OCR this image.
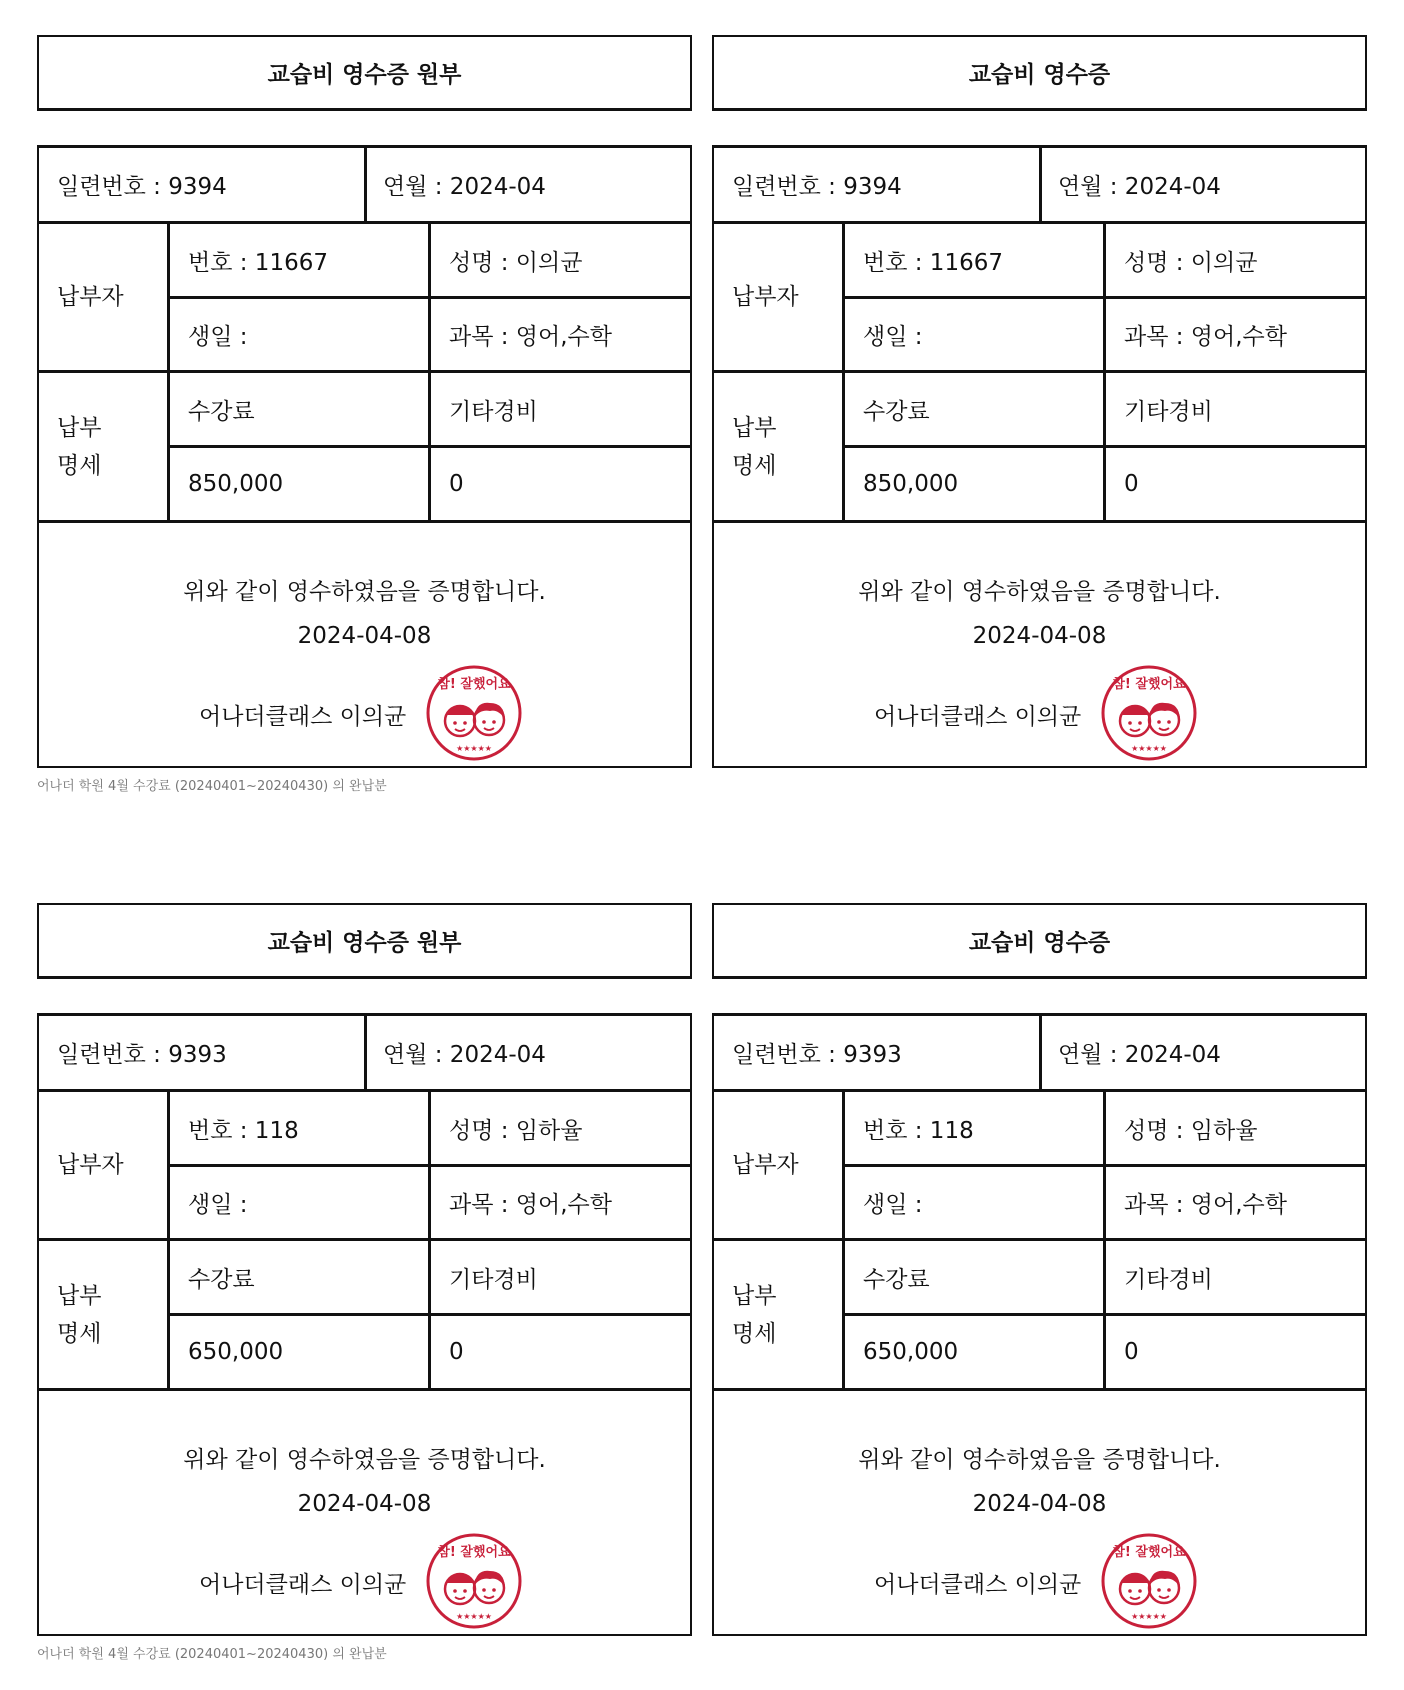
교습비 영수증 원부
일련번호 : 9394	연월 : 2024-04
납부자
번호 : 11667	성명 : 이의균
생일 :	과목 : 영어,수학
납부
명세
수강료	기타경비
850,000	0
위와 같이 영수하였음을 증명합니다.
2024-04-08
어나더클래스 이의균
참! 잘했어요
★★★★★
어나더 학원 4월 수강료 (20240401~20240430) 의 완납분
교습비 영수증
일련번호 : 9394	연월 : 2024-04
납부자
번호 : 11667	성명 : 이의균
생일 :	과목 : 영어,수학
납부
명세
수강료	기타경비
850,000	0
위와 같이 영수하였음을 증명합니다.
2024-04-08
어나더클래스 이의균
참! 잘했어요
★★★★★
교습비 영수증 원부
일련번호 : 9393	연월 : 2024-04
납부자
번호 : 118	성명 : 임하율
생일 :	과목 : 영어,수학
납부
명세
수강료	기타경비
650,000	0
위와 같이 영수하였음을 증명합니다.
2024-04-08
어나더클래스 이의균
참! 잘했어요
★★★★★
어나더 학원 4월 수강료 (20240401~20240430) 의 완납분
교습비 영수증
일련번호 : 9393	연월 : 2024-04
납부자
번호 : 118	성명 : 임하율
생일 :	과목 : 영어,수학
납부
명세
수강료	기타경비
650,000	0
위와 같이 영수하였음을 증명합니다.
2024-04-08
어나더클래스 이의균
참! 잘했어요
★★★★★
